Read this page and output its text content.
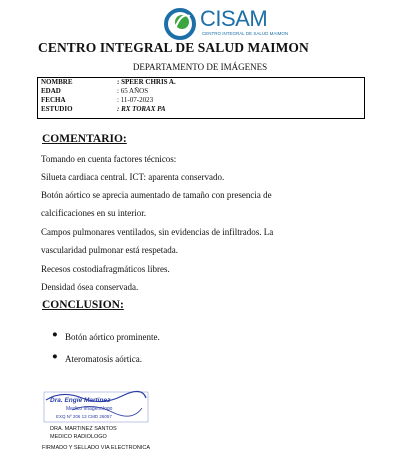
CISAM
CENTRO INTEGRAL DE SALUD MAIMON
CENTRO INTEGRAL DE SALUD MAIMON
DEPARTAMENTO DE IMÁGENES
NOMBRE	: SPEER CHRIS A.
EDAD	: 65 AÑOS
FECHA	: 11-07-2023
ESTUDIO	: RX TORAX PA
COMENTARIO:
Tomando en cuenta factores técnicos:
Silueta cardiaca central. ICT: aparenta conservado.
Botón aórtico se aprecia aumentado de tamaño con presencia de
calcificaciones en su interior.
Campos pulmonares ventilados, sin evidencias de infiltrados. La
vascularidad pulmonar está respetada.
Recesos costodiafragmáticos libres.
Densidad ósea conservada.
CONCLUSION:
● Botón aórtico prominente.
● Ateromatosis aórtica.
Dra. Engie Martinez
Medico Imagenologo
EXQ Nº 206 13 CMD 26057
DRA. MARTINEZ SANTOS
MEDICO RADIOLOGO
FIRMADO Y SELLADO VIA ELECTRONICA
